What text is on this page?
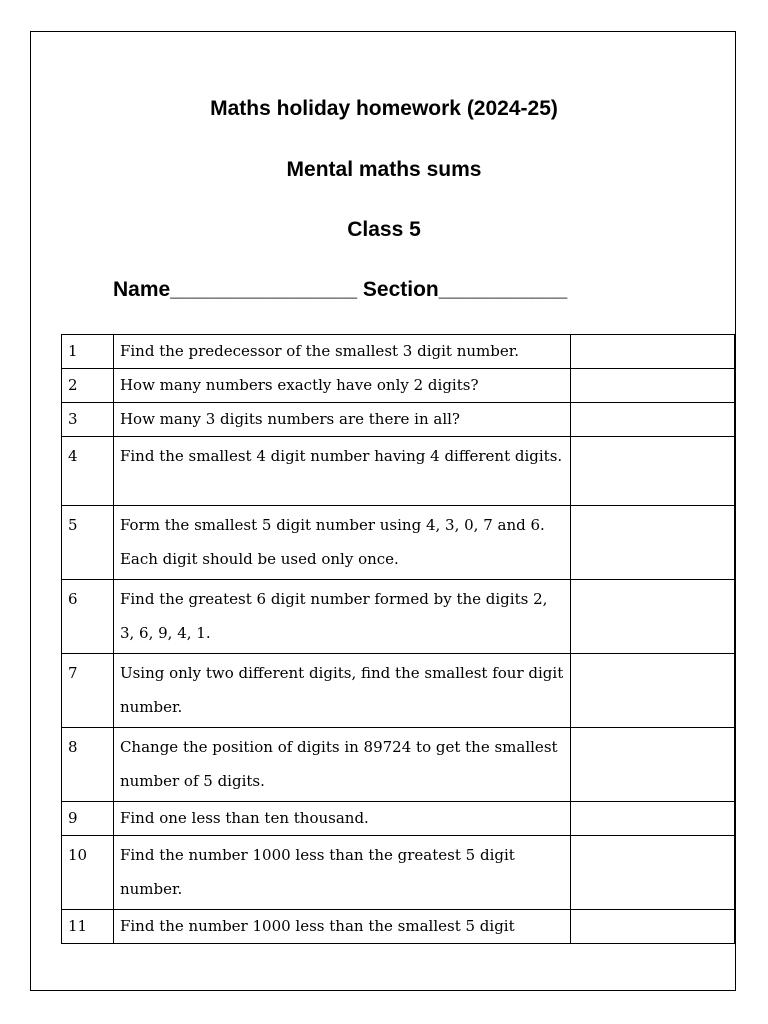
Maths holiday homework (2024-25)
Mental maths sums
Class 5
Name________________ Section___________
1	Find the predecessor of the smallest 3 digit number.	
2	How many numbers exactly have only 2 digits?	
3	How many 3 digits numbers are there in all?	
4	Find the smallest 4 digit number having 4 different digits.	
5	Form the smallest 5 digit number using 4, 3, 0, 7 and 6. Each digit should be used only once.	
6	Find the greatest 6 digit number formed by the digits 2, 3, 6, 9, 4, 1.	
7	Using only two different digits, find the smallest four digit number.	
8	Change the position of digits in 89724 to get the smallest number of 5 digits.	
9	Find one less than ten thousand.	
10	Find the number 1000 less than the greatest 5 digit number.	
11	Find the number 1000 less than the smallest 5 digit	
